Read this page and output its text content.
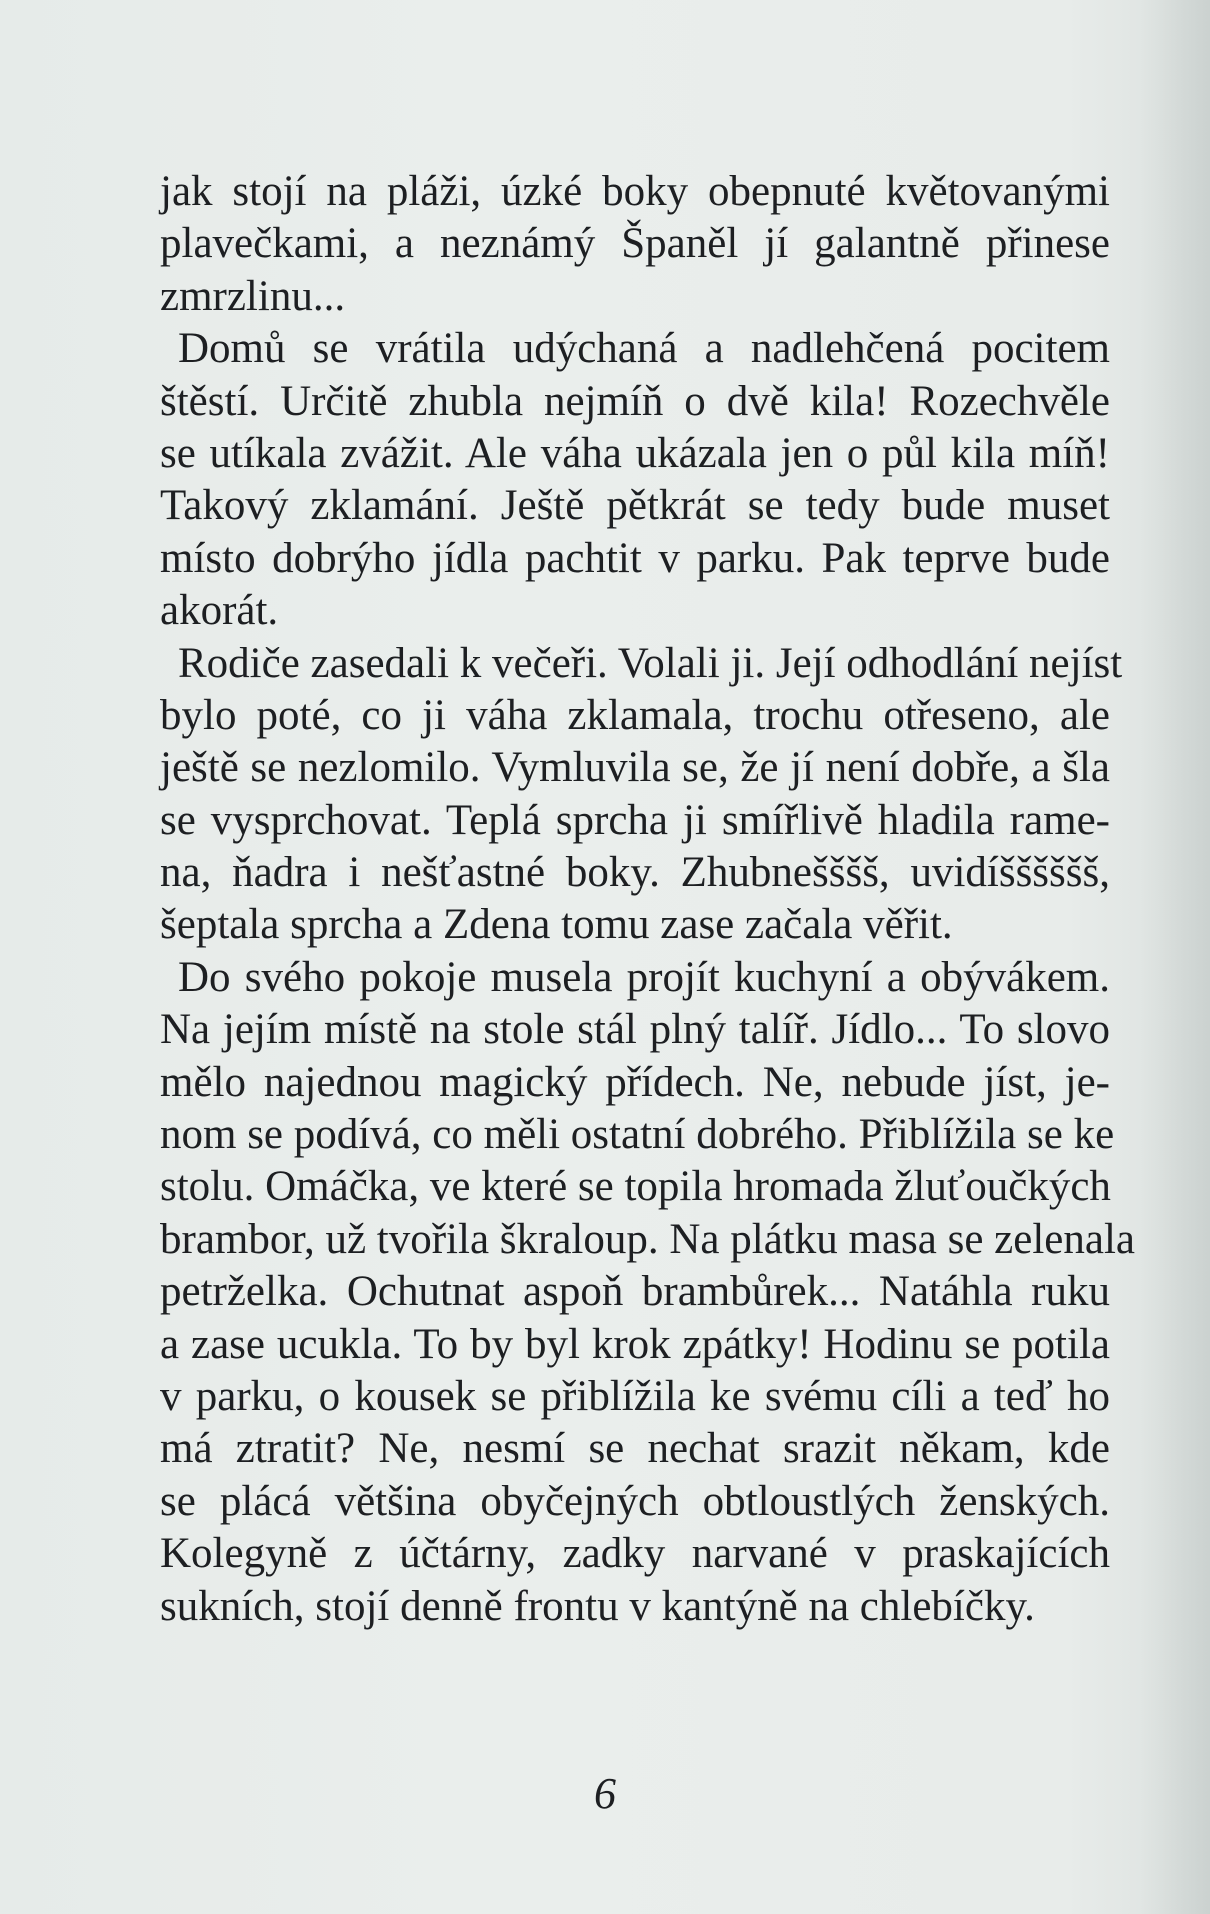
jak stojí na pláži, úzké boky obepnuté květovanými
plavečkami, a neznámý Španěl jí galantně přinese
zmrzlinu...
Domů se vrátila udýchaná a nadlehčená pocitem
štěstí. Určitě zhubla nejmíň o dvě kila! Rozechvěle
se utíkala zvážit. Ale váha ukázala jen o půl kila míň!
Takový zklamání. Ještě pětkrát se tedy bude muset
místo dobrýho jídla pachtit v parku. Pak teprve bude
akorát.
Rodiče zasedali k večeři. Volali ji. Její odhodlání nejíst
bylo poté, co ji váha zklamala, trochu otřeseno, ale
ještě se nezlomilo. Vymluvila se, že jí není dobře, a šla
se vysprchovat. Teplá sprcha ji smířlivě hladila rame-
na, ňadra i nešťastné boky. Zhubnešššš, uvidíšššššš,
šeptala sprcha a Zdena tomu zase začala věřit.
Do svého pokoje musela projít kuchyní a obývákem.
Na jejím místě na stole stál plný talíř. Jídlo... To slovo
mělo najednou magický přídech. Ne, nebude jíst, je-
nom se podívá, co měli ostatní dobrého. Přiblížila se ke
stolu. Omáčka, ve které se topila hromada žluťoučkých
brambor, už tvořila škraloup. Na plátku masa se zelenala
petrželka. Ochutnat aspoň brambůrek... Natáhla ruku
a zase ucukla. To by byl krok zpátky! Hodinu se potila
v parku, o kousek se přiblížila ke svému cíli a teď ho
má ztratit? Ne, nesmí se nechat srazit někam, kde
se plácá většina obyčejných obtloustlých ženských.
Kolegyně z účtárny, zadky narvané v praskajících
sukních, stojí denně frontu v kantýně na chlebíčky.
6
